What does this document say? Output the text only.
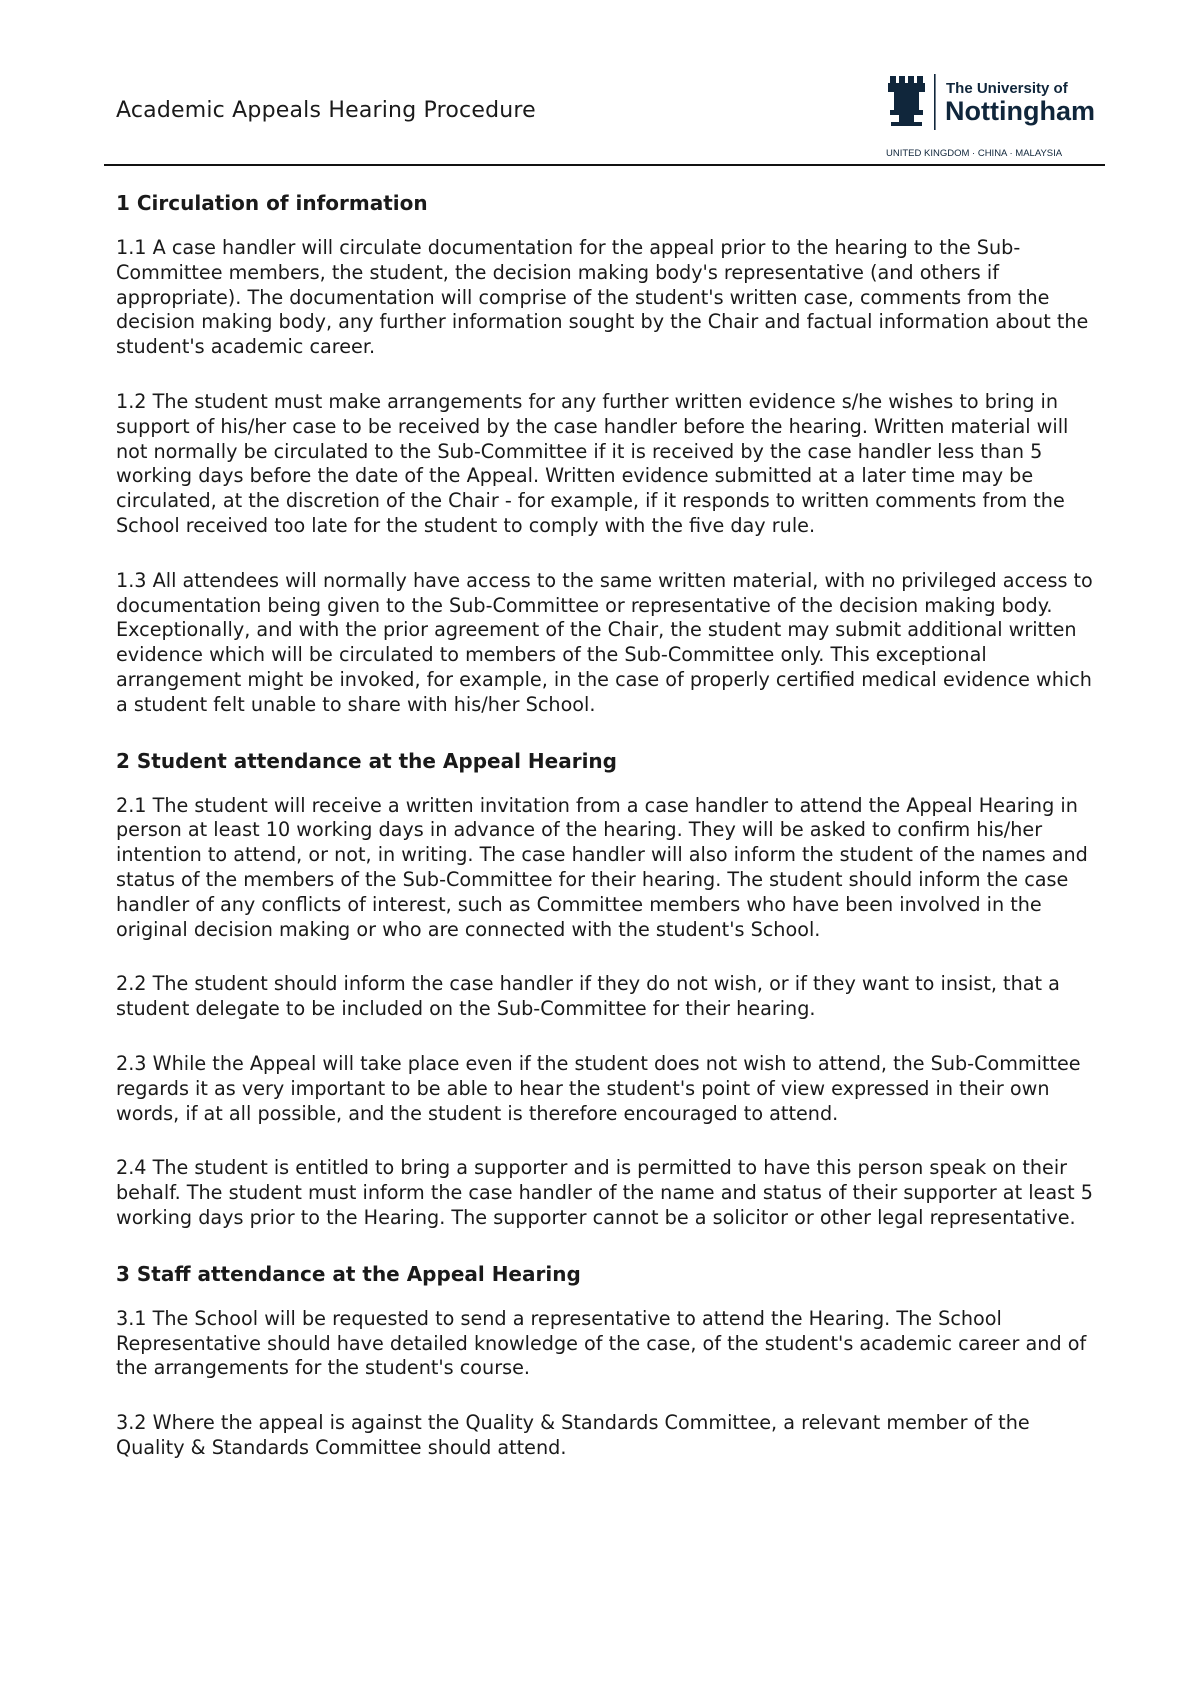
Academic Appeals Hearing Procedure
The University of
Nottingham
UNITED KINGDOM · CHINA · MALAYSIA
1 Circulation of information

1.1 A case handler will circulate documentation for the appeal prior to the hearing to the Sub-Committee members, the student, the decision making body's representative (and others if appropriate). The documentation will comprise of the student's written case, comments from the decision making body, any further information sought by the Chair and factual information about the student's academic career.

1.2 The student must make arrangements for any further written evidence s/he wishes to bring in support of his/her case to be received by the case handler before the hearing. Written material will not normally be circulated to the Sub-Committee if it is received by the case handler less than 5 working days before the date of the Appeal. Written evidence submitted at a later time may be circulated, at the discretion of the Chair - for example, if it responds to written comments from the School received too late for the student to comply with the five day rule.

1.3 All attendees will normally have access to the same written material, with no privileged access to documentation being given to the Sub-Committee or representative of the decision making body. Exceptionally, and with the prior agreement of the Chair, the student may submit additional written evidence which will be circulated to members of the Sub-Committee only. This exceptional arrangement might be invoked, for example, in the case of properly certified medical evidence which a student felt unable to share with his/her School.

2 Student attendance at the Appeal Hearing

2.1 The student will receive a written invitation from a case handler to attend the Appeal Hearing in person at least 10 working days in advance of the hearing. They will be asked to confirm his/her intention to attend, or not, in writing. The case handler will also inform the student of the names and status of the members of the Sub-Committee for their hearing. The student should inform the case handler of any conflicts of interest, such as Committee members who have been involved in the original decision making or who are connected with the student's School.

2.2 The student should inform the case handler if they do not wish, or if they want to insist, that a student delegate to be included on the Sub-Committee for their hearing.

2.3 While the Appeal will take place even if the student does not wish to attend, the Sub-Committee regards it as very important to be able to hear the student's point of view expressed in their own words, if at all possible, and the student is therefore encouraged to attend.

2.4 The student is entitled to bring a supporter and is permitted to have this person speak on their behalf. The student must inform the case handler of the name and status of their supporter at least 5 working days prior to the Hearing. The supporter cannot be a solicitor or other legal representative.

3 Staff attendance at the Appeal Hearing

3.1 The School will be requested to send a representative to attend the Hearing. The School Representative should have detailed knowledge of the case, of the student's academic career and of the arrangements for the student's course.

3.2 Where the appeal is against the Quality & Standards Committee, a relevant member of the Quality & Standards Committee should attend.
